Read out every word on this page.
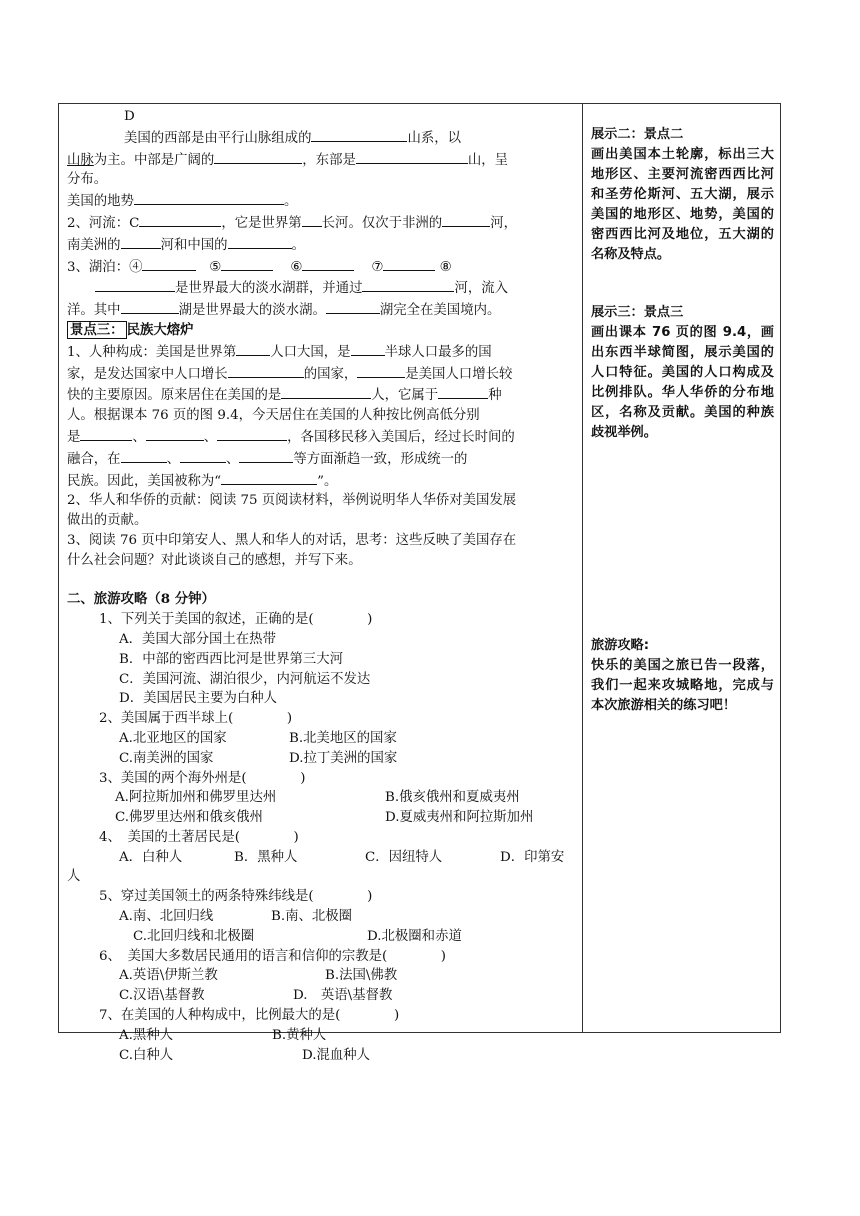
D
美国的西部是由平行山脉组成的	山系，以
山脉为主。中部是广阔的	，东部是	山，呈
分布。
美国的地势	。
2、河流：C	，它是世界第 长河。仅次于非洲的	河，
南美洲的	河和中国的	。
3、湖泊：④	⑤	⑥	⑦	⑧
是世界最大的淡水湖群，并通过	河，流入
洋。其中	湖是世界最大的淡水湖。	湖完全在美国境内。
景点三： 民族大熔炉
1、人种构成：美国是世界第	人口大国，是	半球人口最多的国
家，是发达国家中人口增长	的国家，	是美国人口增长较
快的主要原因。原来居住在美国的是	人，它属于	种
人。根据课本 76 页的图 9.4，今天居住在美国的人种按比例高低分别
是	、	、	，各国移民移入美国后，经过长时间的
融合，在	、	、	等方面渐趋一致，形成统一的
民族。因此，美国被称为“	”。
2、华人和华侨的贡献：阅读 75 页阅读材料，举例说明华人华侨对美国发展
做出的贡献。
3、阅读 76 页中印第安人、黑人和华人的对话，思考：这些反映了美国存在
什么社会问题？对此谈谈自己的感想，并写下来。
二、旅游攻略（8 分钟）
1、下列关于美国的叙述，正确的是(　　　　)
A．美国大部分国土在热带
B．中部的密西西比河是世界第三大河
C．美国河流、湖泊很少，内河航运不发达
D．美国居民主要为白种人
2、美国属于西半球上(　　　　)
A.北亚地区的国家	B.北美地区的国家
C.南美洲的国家	D.拉丁美洲的国家
3、美国的两个海外州是(　　　　)
A.阿拉斯加州和佛罗里达州	B.俄亥俄州和夏威夷州
C.佛罗里达州和俄亥俄州	D.夏威夷州和阿拉斯加州
4、　美国的土著居民是(　　　　)
A．白种人	B．黑种人	C．因纽特人	D．印第安
人
5、穿过美国领土的两条特殊纬线是(　　　　)
A.南、北回归线	B.南、北极圈
C.北回归线和北极圈	D.北极圈和赤道
6、　美国大多数居民通用的语言和信仰的宗教是(　　　　)
A.英语\伊斯兰教	B.法国\佛教
C.汉语\基督教	D.　英语\基督教
7、在美国的人种构成中，比例最大的是(　　　　)
A.黑种人	B.黄种人
C.白种人	D.混血种人
展示二：景点二
画出美国本土轮廓，标出三大地形区、主要河流密西西比河和圣劳伦斯河、五大湖，展示美国的地形区、地势，美国的密西西比河及地位，五大湖的名称及特点。
展示三：景点三
画出课本 76 页的图 9.4，画出东西半球简图，展示美国的人口特征。美国的人口构成及比例排队。华人华侨的分布地区，名称及贡献。美国的种族歧视举例。
旅游攻略:
快乐的美国之旅已告一段落，我们一起来攻城略地，完成与本次旅游相关的练习吧！
